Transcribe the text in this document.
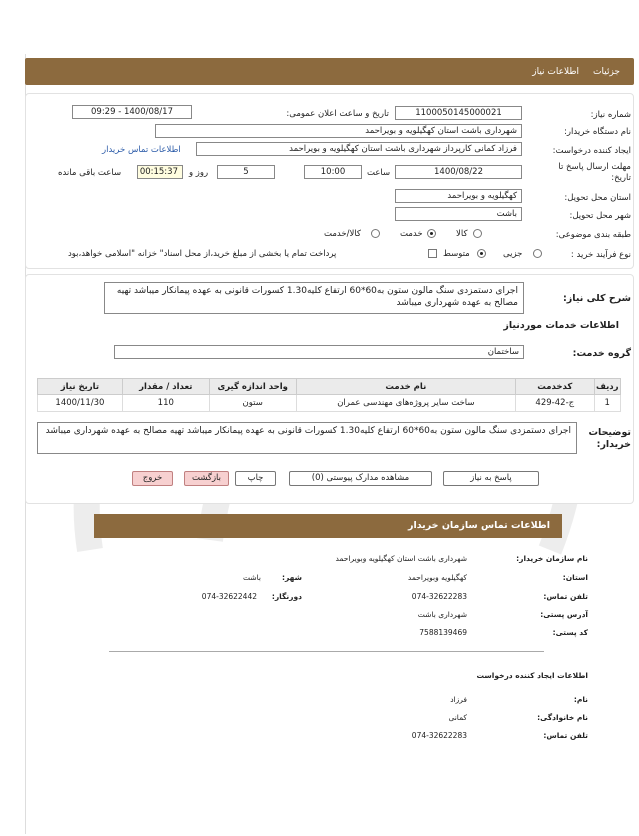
جزئیات
اطلاعات نیاز
شماره نیاز:
1100050145000021
تاریخ و ساعت اعلان عمومی:
1400/08/17 - 09:29
نام دستگاه خریدار:
شهرداری باشت استان کهگیلویه و بویراحمد
ایجاد کننده درخواست:
فرزاد کمانی کارپرداز شهرداری باشت استان کهگیلویه و بویراحمد
اطلاعات تماس خریدار
مهلت ارسال پاسخ تا تاریخ:
1400/08/22
ساعت
10:00
5
روز و
00:15:37
ساعت باقی مانده
استان محل تحویل:
کهگیلویه و بویراحمد
شهر محل تحویل:
باشت
طبقه بندی موضوعی:
کالا
خدمت
کالا/خدمت
نوع فرآیند خرید :
جزیی
متوسط
پرداخت تمام یا بخشی از مبلغ خرید،از محل اسناد" خزانه "اسلامی خواهد،بود
شرح کلی نیاز:
اجرای دستمزدی سنگ مالون ستون به60*60 ارتفاع کلیه1.30 کسورات قانونی به عهده پیمانکار میباشد تهیه مصالح به عهده شهرداری میباشد
اطلاعات خدمات موردنیاز
گروه خدمت:
ساختمان
ردیف	کدخدمت	نام خدمت	واحد اندازه گیری	تعداد / مقدار	تاریخ نیاز
1	ج-42-429	ساخت سایر پروژه‌های مهندسی عمران	ستون	110	1400/11/30
توضیحات خریدار:
اجرای دستمزدی سنگ مالون ستون به60*60 ارتفاع کلیه1.30 کسورات قانونی به عهده پیمانکار میباشد تهیه مصالح به عهده شهرداری میباشد
پاسخ به نیاز
مشاهده مدارک پیوستی (0)
چاپ
بازگشت
خروج
اطلاعات تماس سازمان خریدار
نام سازمان خریدار:
شهرداری باشت استان کهگیلویه وبویراحمد
استان:
کهگیلویه وبویراحمد
شهر:
باشت
تلفن تماس:
074-32622283
دورنگار:
074-32622442
آدرس پستی:
شهرداری باشت
کد پستی:
7588139469
اطلاعات ایجاد کننده درخواست
نام:
فرزاد
نام خانوادگی:
کمانی
تلفن تماس:
074-32622283
